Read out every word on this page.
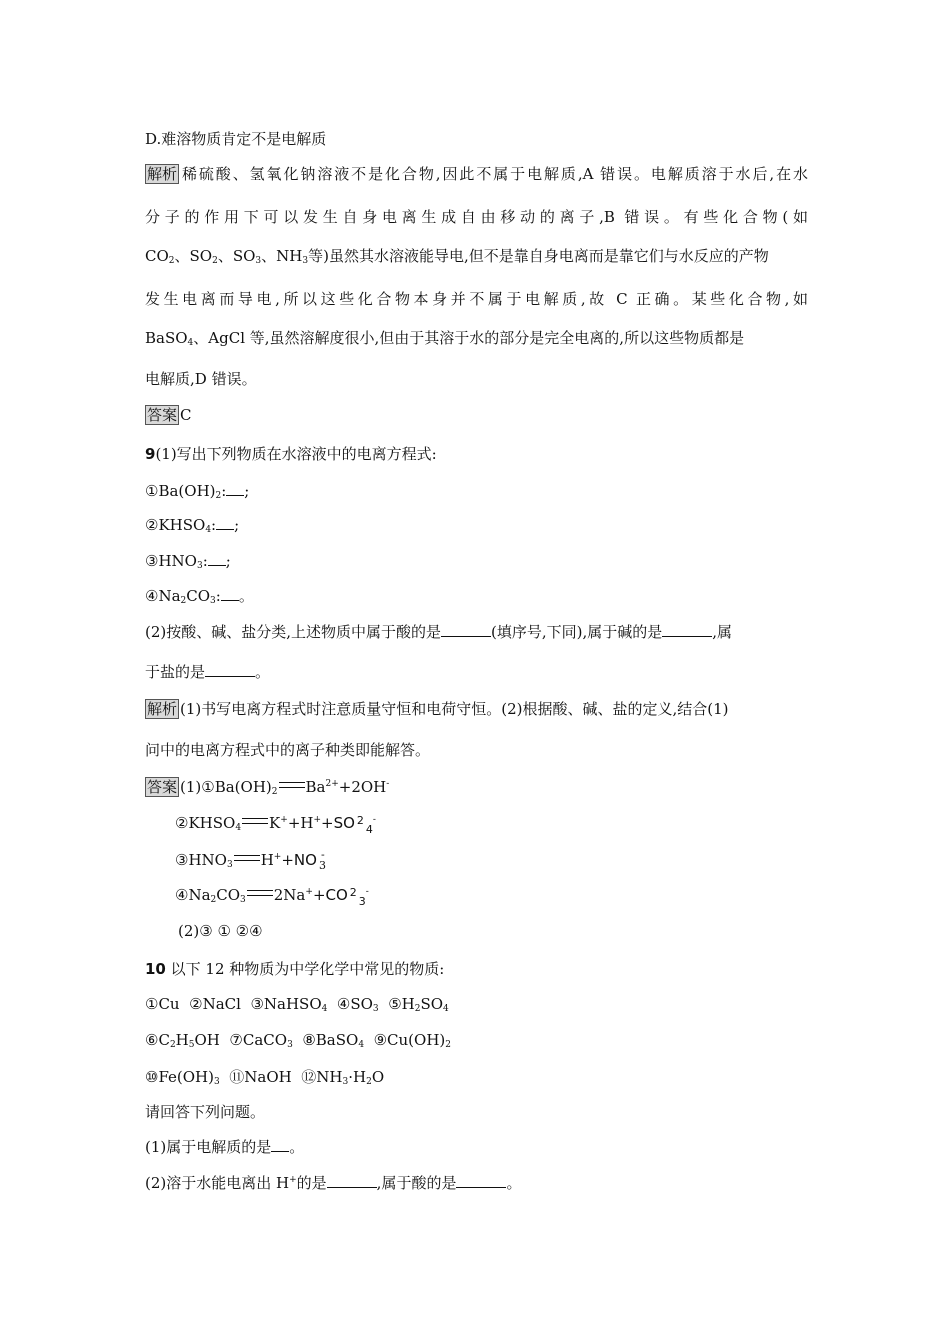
D.难溶物质肯定不是电解质
解析 稀硫酸、氢氧化钠溶液不是化合物,因此不属于电解质,A 错误。电解质溶于水后,在水
分子的作用下可以发生自身电离生成自由移动的离子,B 错误。有些化合物(如
$CO_2$、$SO_2$、$SO_3$、$NH_3$等)虽然其水溶液能导电,但不是靠自身电离而是靠它们与水反应的产物
发生电离而导电,所以这些化合物本身并不属于电解质,故 C 正确。某些化合物,如
BaSO$_4$、AgCl 等,虽然溶解度很小,但由于其溶于水的部分是完全电离的,所以这些物质都是
电解质,D 错误。
答案 C
9(1)写出下列物质在水溶液中的电离方程式:
$①Ba(OH)_2$: ;
$②KHSO_4$: ;
$③HNO_3$: ;
$④Na_2CO_3$: 。
(2)按酸、碱、盐分类,上述物质中属于酸的是	(填序号,下同),属于碱的是	,属
于盐的是	。
解析 (1)书写电离方程式时注意质量守恒和电荷守恒。(2)根据酸、碱、盐的定义,结合(1)
问中的电离方程式中的离子种类即能解答。
答案 $(1)①Ba(OH)_2$ $Ba^{2+}+2OH^-$
$②KHSO_4$ K++H++SO $^2_4$-
$③HNO_3$ H++NO -
3
$④Na_2CO_3$ 2Na++CO $^2_3$-
(2)③ ① ②④
10 以下 12 种物质为中学化学中常见的物质:
①Cu  ②NaCl  ③NaHSO$_4$  $④SO_3$  $⑤H_2SO_4$
$⑥C_2H_5OH$  ⑦CaCO$_3$  ⑧BaSO$_4$  $⑨Cu(OH)_2$
$⑩Fe(OH)_3$ ⑪NaOH  $⑫NH_3\cdot H_2O$
请回答下列问题。
(1)属于电解质的是 。
(2)溶于水能电离出 H+的是	,属于酸的是	。
